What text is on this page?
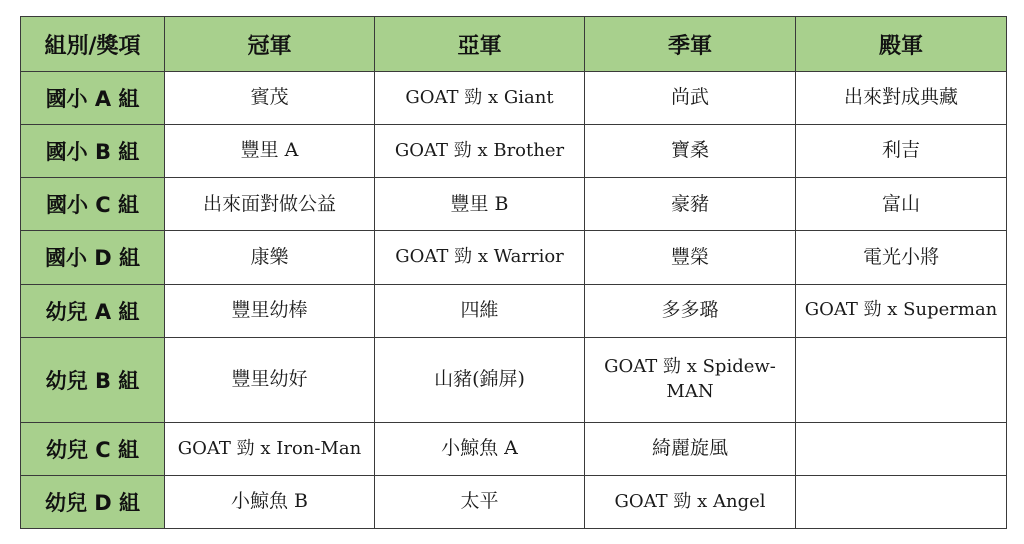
組別/獎項	冠軍	亞軍	季軍	殿軍
國小 A 組	賓茂	GOAT 勁 x Giant	尚武	出來對成典藏
國小 B 組	豐里 A	GOAT 勁 x Brother	寶桑	利吉
國小 C 組	出來面對做公益	豐里 B	豪豬	富山
國小 D 組	康樂	GOAT 勁 x Warrior	豐榮	電光小將
幼兒 A 組	豐里幼棒	四維	多多璐	GOAT 勁 x Superman
幼兒 B 組	豐里幼好	山豬(錦屏)	GOAT 勁 x Spidew-MAN	
幼兒 C 組	GOAT 勁 x Iron-Man	小鯨魚 A	綺麗旋風	
幼兒 D 組	小鯨魚 B	太平	GOAT 勁 x Angel	
